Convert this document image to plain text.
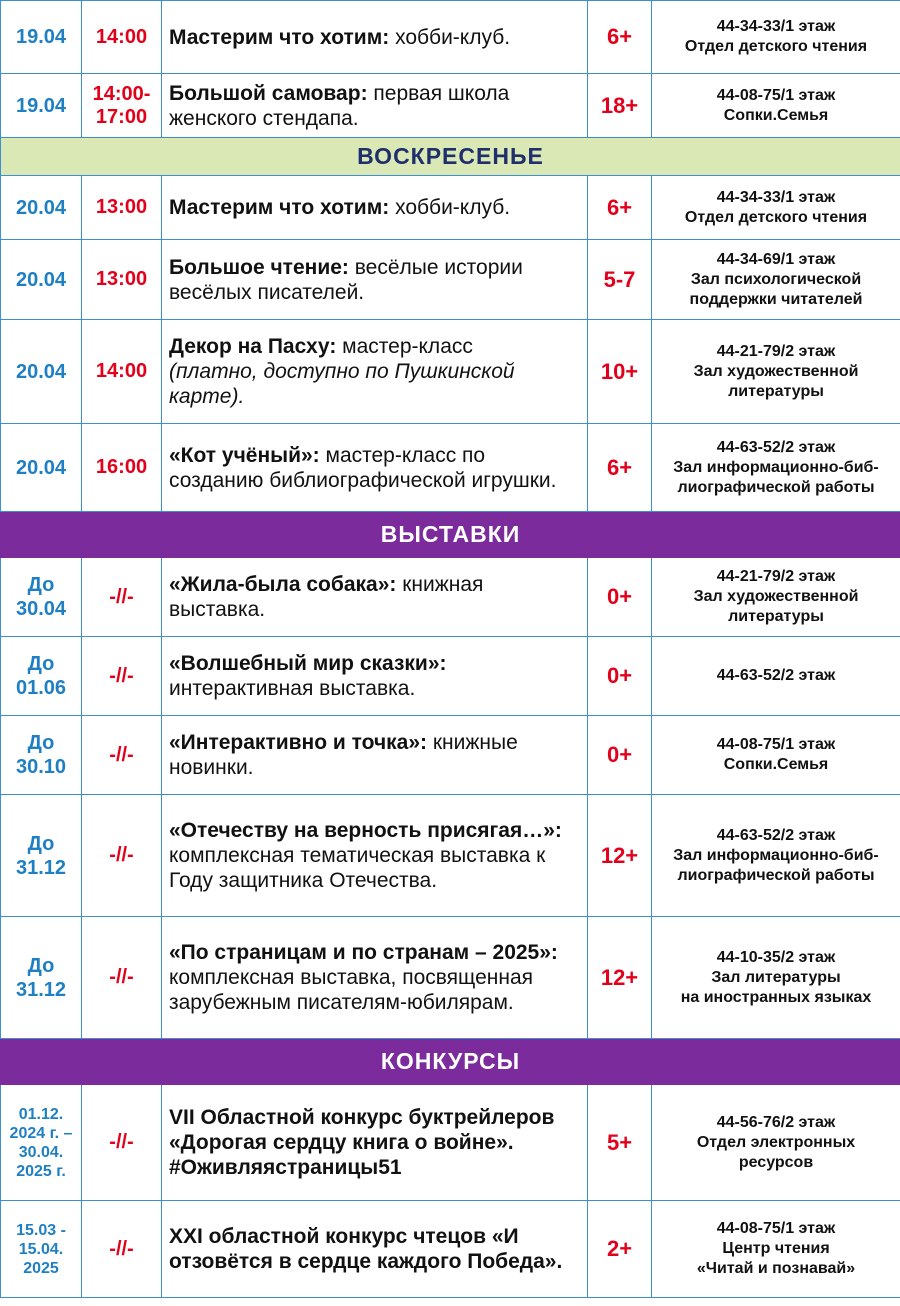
19.04	14:00	Мастерим что хотим: хобби-клуб.	6+	44-34-33/1 этаж
Отдел детского чтения

19.04	14:00-
17:00	Большой самовар: первая школа женского стендапа.	18+	44-08-75/1 этаж
Сопки.Семья

ВОСКРЕСЕНЬЕ				
20.04	13:00	Мастерим что хотим: хобби-клуб.	6+	44-34-33/1 этаж
Отдел детского чтения

20.04	13:00	Большое чтение: весёлые истории весёлых писателей.	5-7	44-34-69/1 этаж
Зал психологической
поддержки читателей

20.04	14:00	Декор на Пасху: мастер-класс
(платно, доступно по Пушкинской карте).	10+	44-21-79/2 этаж
Зал художественной
литературы

20.04	16:00	«Кот учёный»: мастер-класс по созданию библиографической игрушки.	6+	44-63-52/2 этаж
Зал информационно-биб-
лиографической работы

ВЫСТАВКИ				
До
30.04	-//-	«Жила-была собака»: книжная выставка.	0+	44-21-79/2 этаж
Зал художественной
литературы

До
01.06	-//-	«Волшебный мир сказки»: интерактивная выставка.	0+	44-63-52/2 этаж

До
30.10	-//-	«Интерактивно и точка»: книжные новинки.	0+	44-08-75/1 этаж
Сопки.Семья

До
31.12	-//-	«Отечеству на верность присягая…»: комплексная тематическая выставка к Году защитника Отечества.	12+	44-63-52/2 этаж
Зал информационно-биб-
лиографической работы

До
31.12	-//-	«По страницам и по странам – 2025»: комплексная выставка, посвященная зарубежным писателям-юбилярам.	12+	44-10-35/2 этаж
Зал литературы
на иностранных языках

КОНКУРСЫ				
01.12.
2024 г. –
30.04.
2025 г.	-//-	VII Областной конкурс буктрейлеров «Дорогая сердцу книга о войне». #Оживляястраницы51	5+	44-56-76/2 этаж
Отдел электронных
ресурсов

15.03 -
15.04.
2025	-//-	XXI областной конкурс чтецов «И отзовётся в сердце каждого Победа».	2+	44-08-75/1 этаж
Центр чтения
«Читай и познавай»
